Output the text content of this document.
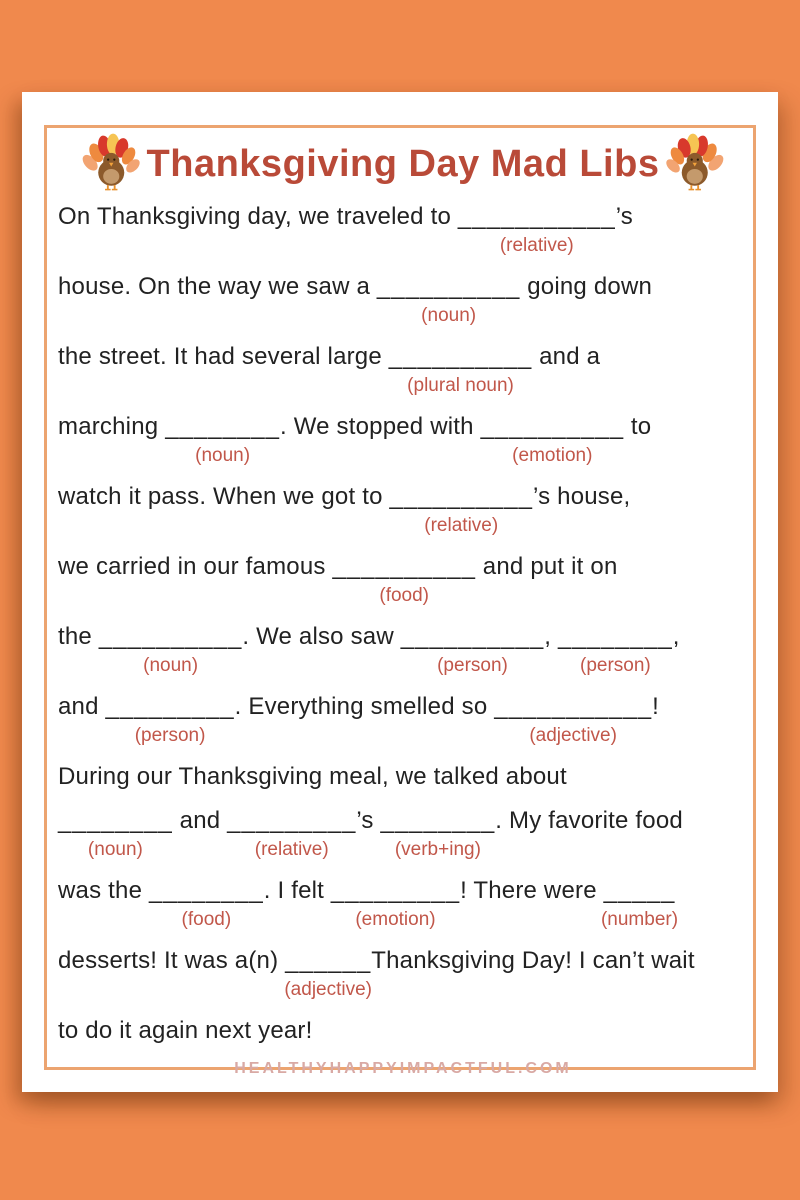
Thanksgiving Day Mad Libs
On Thanksgiving day, we traveled to ___________
(relative)
’s
house. On the way we saw a __________
(noun)
going down
the street. It had several large __________
(plural noun)
and a
marching ________
(noun)
. We stopped with __________
(emotion)
to
watch it pass. When we got to __________
(relative)
’s house,
we carried in our famous __________
(food)
and put it on
the __________
(noun)
. We also saw __________
(person)
, ________
(person)
,
and _________
(person)
. Everything smelled so ___________
(adjective)
!
During our Thanksgiving meal, we talked about
________
(noun)
and _________
(relative)
’s ________
(verb+ing)
. My favorite food
was the ________
(food)
. I felt _________
(emotion)
! There were _____
(number)
desserts! It was a(n) ______
(adjective)
Thanksgiving Day! I can’t wait
to do it again next year!
HEALTHYHAPPYIMPACTFUL.COM
